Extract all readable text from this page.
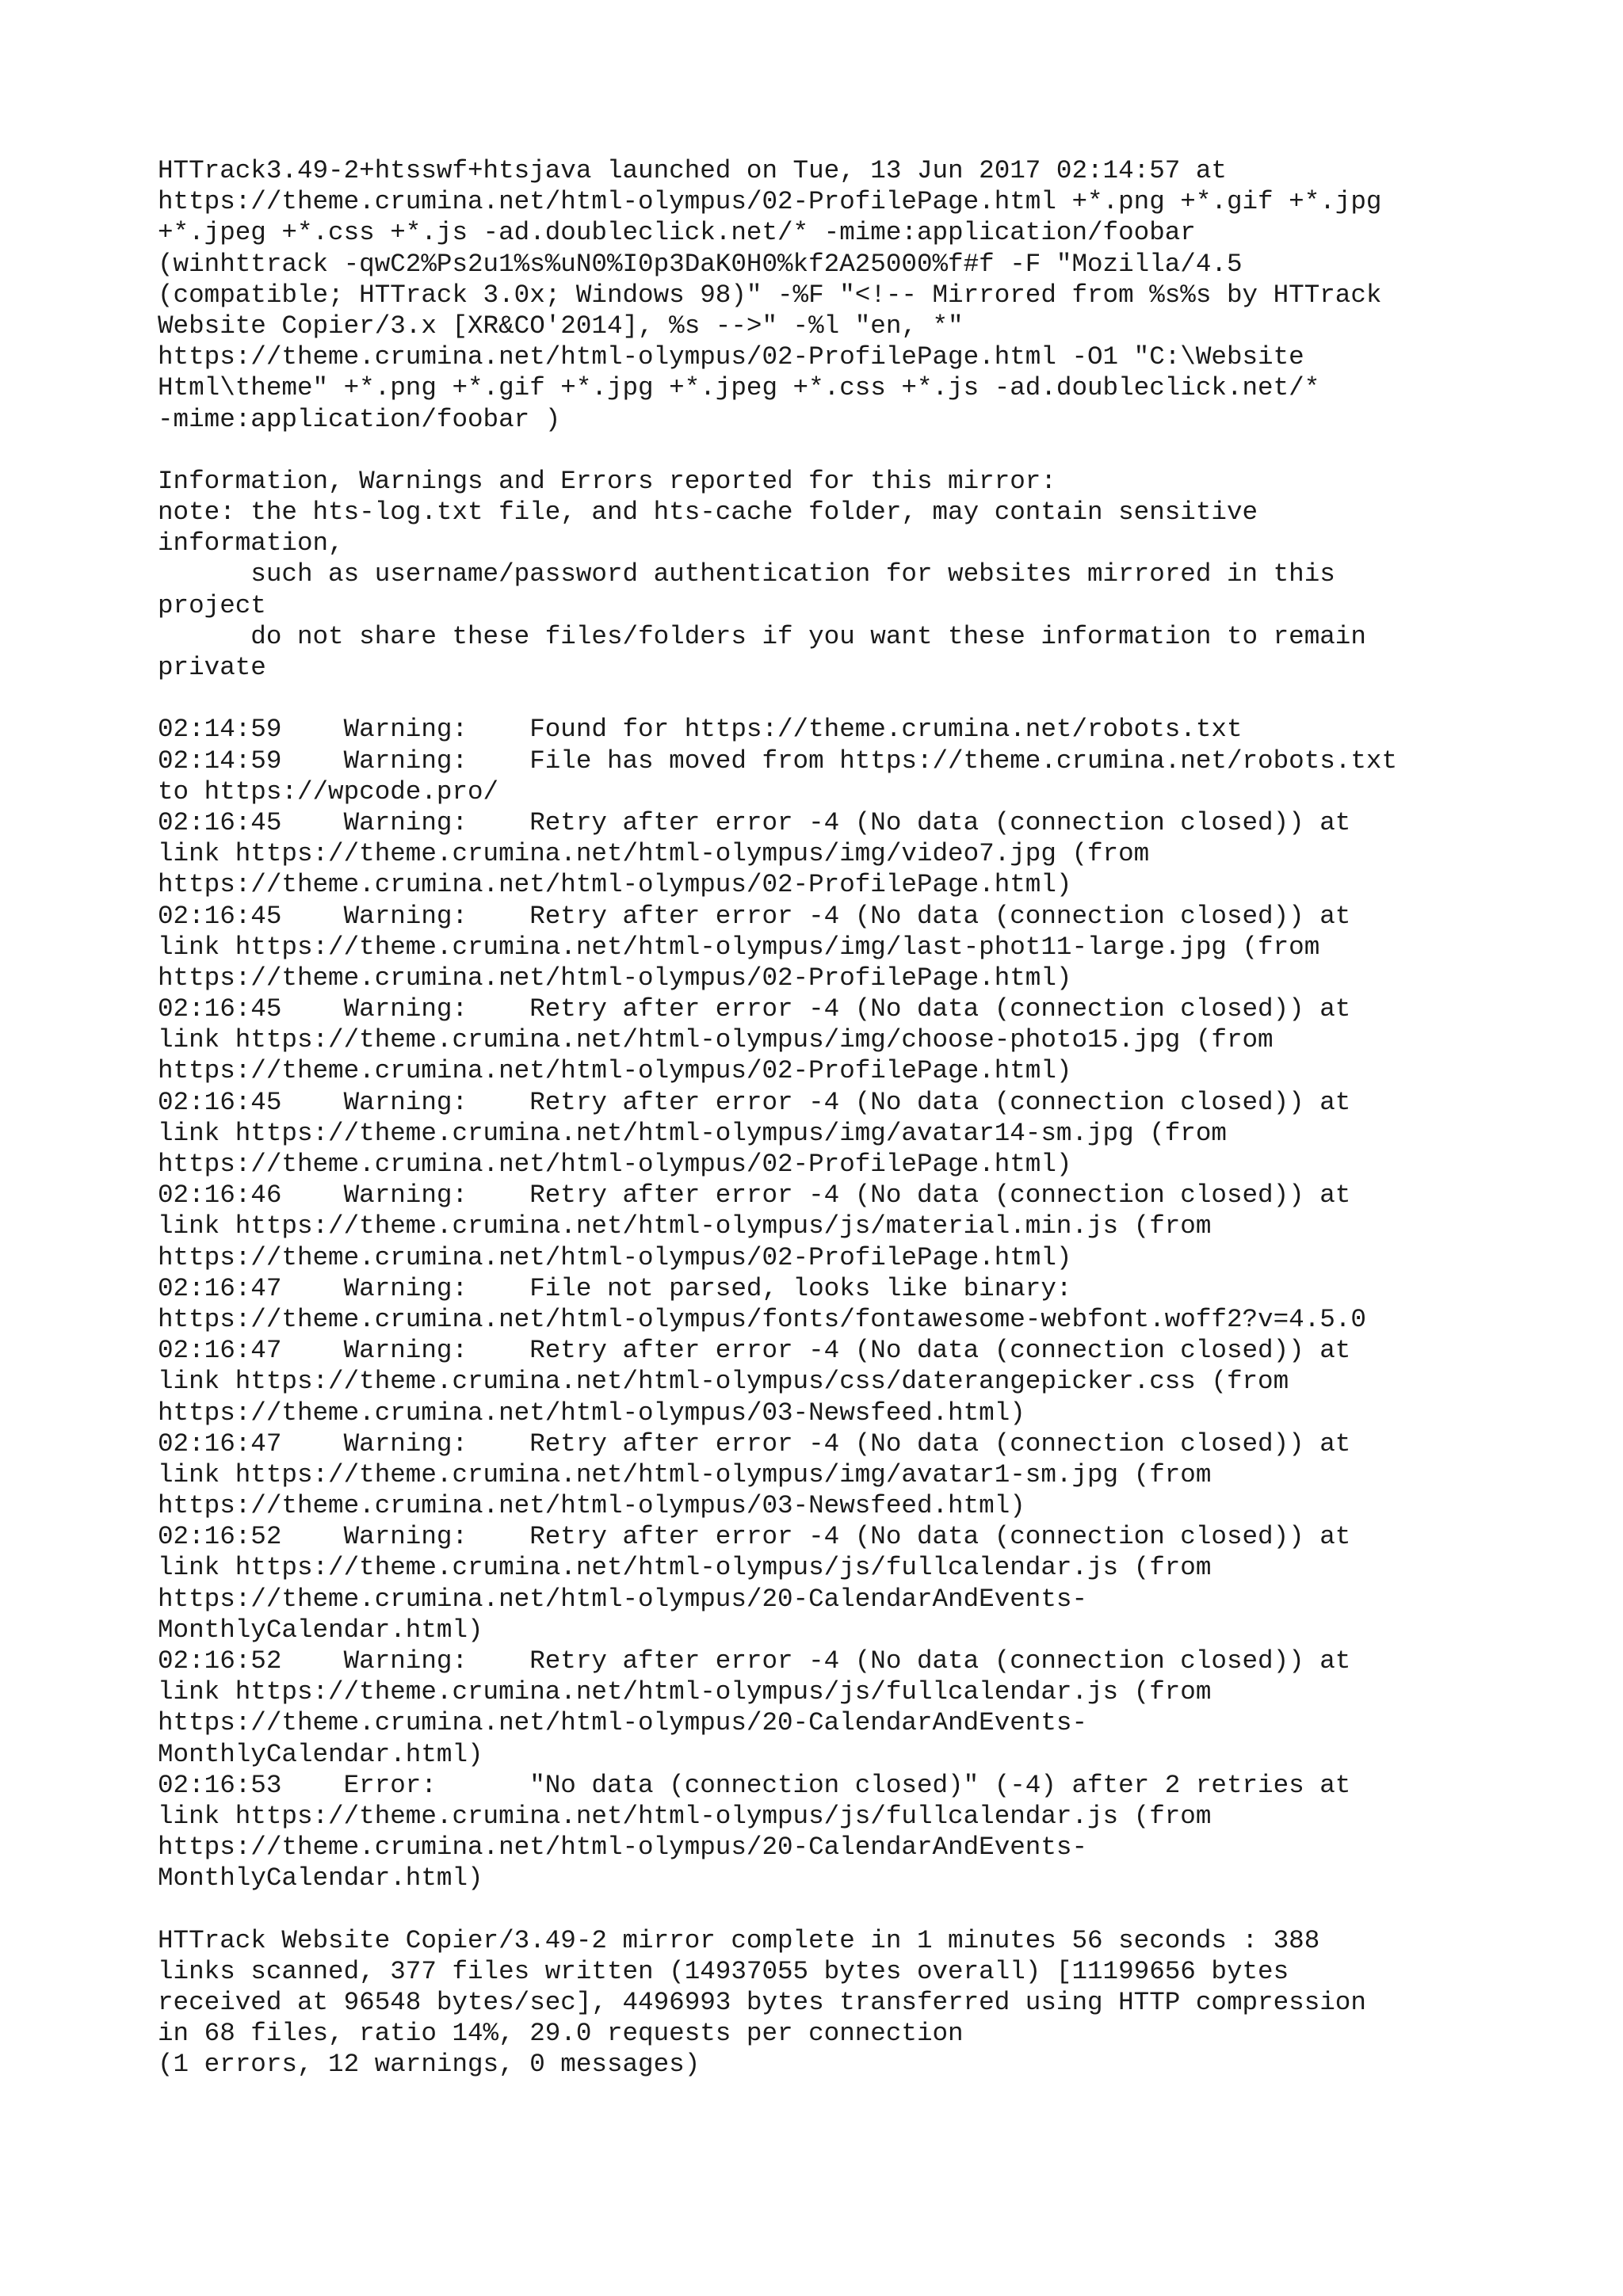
HTTrack3.49-2+htsswf+htsjava launched on Tue, 13 Jun 2017 02:14:57 at
https://theme.crumina.net/html-olympus/02-ProfilePage.html +*.png +*.gif +*.jpg
+*.jpeg +*.css +*.js -ad.doubleclick.net/* -mime:application/foobar
(winhttrack -qwC2%Ps2u1%s%uN0%I0p3DaK0H0%kf2A25000%f#f -F "Mozilla/4.5
(compatible; HTTrack 3.0x; Windows 98)" -%F "<!-- Mirrored from %s%s by HTTrack
Website Copier/3.x [XR&CO'2014], %s -->" -%l "en, *"
https://theme.crumina.net/html-olympus/02-ProfilePage.html -O1 "C:\Website
Html\theme" +*.png +*.gif +*.jpg +*.jpeg +*.css +*.js -ad.doubleclick.net/*
-mime:application/foobar )
Information, Warnings and Errors reported for this mirror:
note: the hts-log.txt file, and hts-cache folder, may contain sensitive
information,
such as username/password authentication for websites mirrored in this
project
do not share these files/folders if you want these information to remain
private
02:14:59    Warning:    Found for https://theme.crumina.net/robots.txt
02:14:59    Warning:    File has moved from https://theme.crumina.net/robots.txt
to https://wpcode.pro/
02:16:45    Warning:    Retry after error -4 (No data (connection closed)) at
link https://theme.crumina.net/html-olympus/img/video7.jpg (from
https://theme.crumina.net/html-olympus/02-ProfilePage.html)
02:16:45    Warning:    Retry after error -4 (No data (connection closed)) at
link https://theme.crumina.net/html-olympus/img/last-phot11-large.jpg (from
https://theme.crumina.net/html-olympus/02-ProfilePage.html)
02:16:45    Warning:    Retry after error -4 (No data (connection closed)) at
link https://theme.crumina.net/html-olympus/img/choose-photo15.jpg (from
https://theme.crumina.net/html-olympus/02-ProfilePage.html)
02:16:45    Warning:    Retry after error -4 (No data (connection closed)) at
link https://theme.crumina.net/html-olympus/img/avatar14-sm.jpg (from
https://theme.crumina.net/html-olympus/02-ProfilePage.html)
02:16:46    Warning:    Retry after error -4 (No data (connection closed)) at
link https://theme.crumina.net/html-olympus/js/material.min.js (from
https://theme.crumina.net/html-olympus/02-ProfilePage.html)
02:16:47    Warning:    File not parsed, looks like binary:
https://theme.crumina.net/html-olympus/fonts/fontawesome-webfont.woff2?v=4.5.0
02:16:47    Warning:    Retry after error -4 (No data (connection closed)) at
link https://theme.crumina.net/html-olympus/css/daterangepicker.css (from
https://theme.crumina.net/html-olympus/03-Newsfeed.html)
02:16:47    Warning:    Retry after error -4 (No data (connection closed)) at
link https://theme.crumina.net/html-olympus/img/avatar1-sm.jpg (from
https://theme.crumina.net/html-olympus/03-Newsfeed.html)
02:16:52    Warning:    Retry after error -4 (No data (connection closed)) at
link https://theme.crumina.net/html-olympus/js/fullcalendar.js (from
https://theme.crumina.net/html-olympus/20-CalendarAndEvents-
MonthlyCalendar.html)
02:16:52    Warning:    Retry after error -4 (No data (connection closed)) at
link https://theme.crumina.net/html-olympus/js/fullcalendar.js (from
https://theme.crumina.net/html-olympus/20-CalendarAndEvents-
MonthlyCalendar.html)
02:16:53    Error:      "No data (connection closed)" (-4) after 2 retries at
link https://theme.crumina.net/html-olympus/js/fullcalendar.js (from
https://theme.crumina.net/html-olympus/20-CalendarAndEvents-
MonthlyCalendar.html)
HTTrack Website Copier/3.49-2 mirror complete in 1 minutes 56 seconds : 388
links scanned, 377 files written (14937055 bytes overall) [11199656 bytes
received at 96548 bytes/sec], 4496993 bytes transferred using HTTP compression
in 68 files, ratio 14%, 29.0 requests per connection
(1 errors, 12 warnings, 0 messages)
